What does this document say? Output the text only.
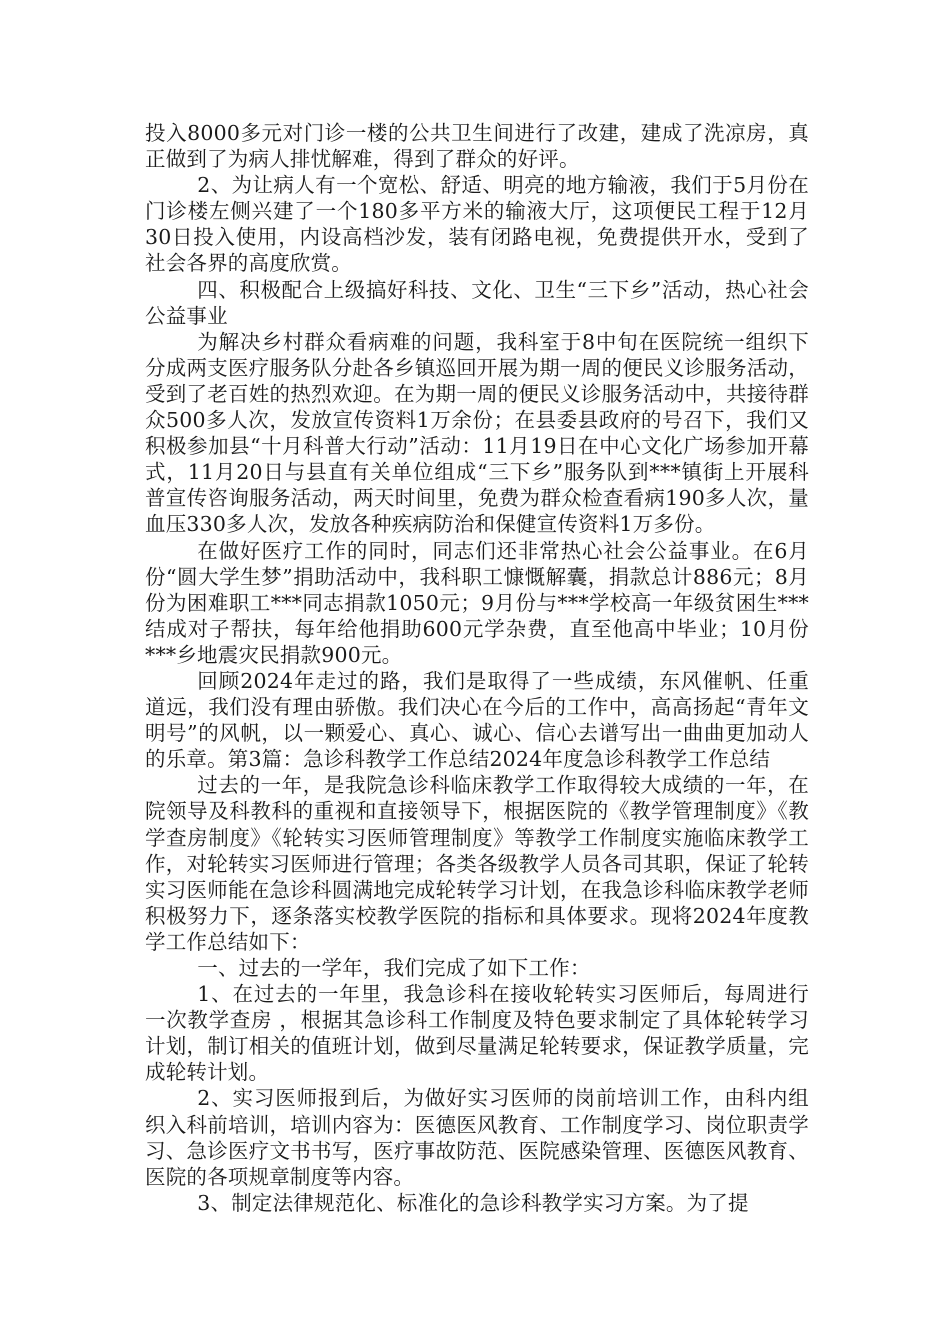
投入8000多元对门诊一楼的公共卫生间进行了改建，建成了洗凉房，真正做到了为病人排忧解难，得到了群众的好评。

2、为让病人有一个宽松、舒适、明亮的地方输液，我们于5月份在门诊楼左侧兴建了一个180多平方米的输液大厅，这项便民工程于12月30日投入使用，内设高档沙发，装有闭路电视，免费提供开水，受到了社会各界的高度欣赏。

四、积极配合上级搞好科技、文化、卫生“三下乡”活动，热心社会公益事业

为解决乡村群众看病难的问题，我科室于8中旬在医院统一组织下分成两支医疗服务队分赴各乡镇巡回开展为期一周的便民义诊服务活动，受到了老百姓的热烈欢迎。在为期一周的便民义诊服务活动中，共接待群众500多人次，发放宣传资料1万余份；在县委县政府的号召下，我们又积极参加县“十月科普大行动”活动：11月19日在中心文化广场参加开幕式，11月20日与县直有关单位组成“三下乡”服务队到***镇街上开展科普宣传咨询服务活动，两天时间里，免费为群众检查看病190多人次，量血压330多人次，发放各种疾病防治和保健宣传资料1万多份。

在做好医疗工作的同时，同志们还非常热心社会公益事业。在6月份“圆大学生梦”捐助活动中，我科职工慷慨解囊，捐款总计886元；8月份为困难职工***同志捐款1050元；9月份与***学校高一年级贫困生***结成对子帮扶，每年给他捐助600元学杂费，直至他高中毕业；10月份***乡地震灾民捐款900元。

回顾2024年走过的路，我们是取得了一些成绩，东风催帆、任重道远，我们没有理由骄傲。我们决心在今后的工作中，高高扬起“青年文明号”的风帆，以一颗爱心、真心、诚心、信心去谱写出一曲曲更加动人的乐章。第3篇：急诊科教学工作总结2024年度急诊科教学工作总结

过去的一年，是我院急诊科临床教学工作取得较大成绩的一年，在院领导及科教科的重视和直接领导下，根据医院的《教学管理制度》《教学查房制度》《轮转实习医师管理制度》等教学工作制度实施临床教学工作，对轮转实习医师进行管理；各类各级教学人员各司其职，保证了轮转实习医师能在急诊科圆满地完成轮转学习计划，在我急诊科临床教学老师积极努力下，逐条落实校教学医院的指标和具体要求。现将2024年度教学工作总结如下：

一、过去的一学年，我们完成了如下工作：

1、在过去的一年里，我急诊科在接收轮转实习医师后，每周进行一次教学查房 ，根据其急诊科工作制度及特色要求制定了具体轮转学习计划，制订相关的值班计划，做到尽量满足轮转要求，保证教学质量，完成轮转计划。

2、实习医师报到后，为做好实习医师的岗前培训工作，由科内组织入科前培训，培训内容为：医德医风教育、工作制度学习、岗位职责学习、急诊医疗文书书写，医疗事故防范、医院感染管理、医德医风教育、医院的各项规章制度等内容。

3、制定法律规范化、标准化的急诊科教学实习方案。为了提
